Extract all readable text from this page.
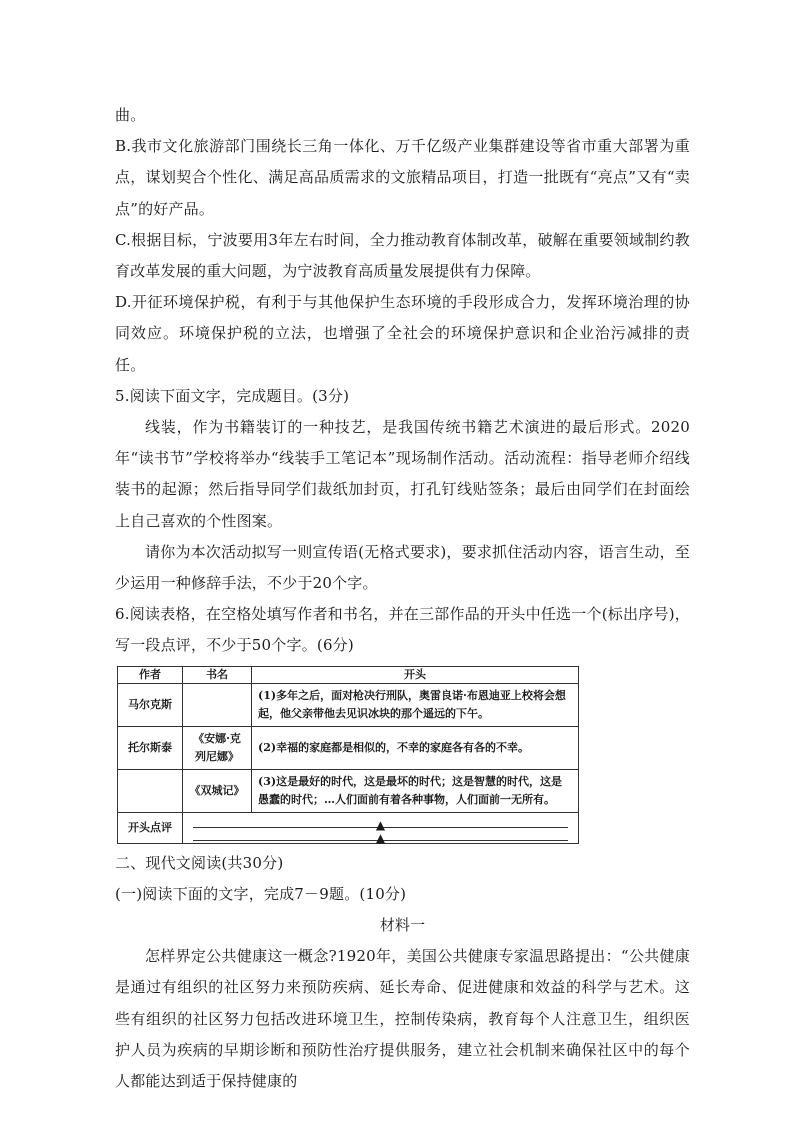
曲。

B.我市文化旅游部门围绕长三角一体化、万千亿级产业集群建设等省市重大部署为重点，谋划契合个性化、满足高品质需求的文旅精品项目，打造一批既有“亮点”又有“卖点”的好产品。

C.根据目标，宁波要用3年左右时间，全力推动教育体制改革，破解在重要领域制约教育改革发展的重大问题，为宁波教育高质量发展提供有力保障。

D.开征环境保护税，有利于与其他保护生态环境的手段形成合力，发挥环境治理的协同效应。环境保护税的立法，也增强了全社会的环境保护意识和企业治污减排的责任。

5.阅读下面文字，完成题目。(3分)

线装，作为书籍装订的一种技艺，是我国传统书籍艺术演进的最后形式。2020年“读书节”学校将举办“线装手工笔记本”现场制作活动。活动流程：指导老师介绍线装书的起源；然后指导同学们裁纸加封页，打孔钉线贴签条；最后由同学们在封面绘上自己喜欢的个性图案。

请你为本次活动拟写一则宣传语(无格式要求)，要求抓住活动内容，语言生动，至少运用一种修辞手法，不少于20个字。

6.阅读表格，在空格处填写作者和书名，并在三部作品的开头中任选一个(标出序号)，写一段点评，不少于50个字。(6分)

作者	书名	开头
马尔克斯		(1)多年之后，面对枪决行刑队，奥雷良诺·布恩迪亚上校将会想起，他父亲带他去见识冰块的那个遥远的下午。
托尔斯泰	《安娜·克列尼娜》	(2)幸福的家庭都是相似的，不幸的家庭各有各的不幸。
	《双城记》	(3)这是最好的时代，这是最坏的时代；这是智慧的时代，这是愚蠢的时代；…人们面前有着各种事物，人们面前一无所有。
开头点评	▲
▲	

二、现代文阅读(共30分)

(一)阅读下面的文字，完成7－9题。(10分)

材料一

怎样界定公共健康这一概念?1920年，美国公共健康专家温思路提出：“公共健康是通过有组织的社区努力来预防疾病、延长寿命、促进健康和效益的科学与艺术。这些有组织的社区努力包括改进环境卫生，控制传染病，教育每个人注意卫生，组织医护人员为疾病的早期诊断和预防性治疗提供服务，建立社会机制来确保社区中的每个人都能达到适于保持健康的
